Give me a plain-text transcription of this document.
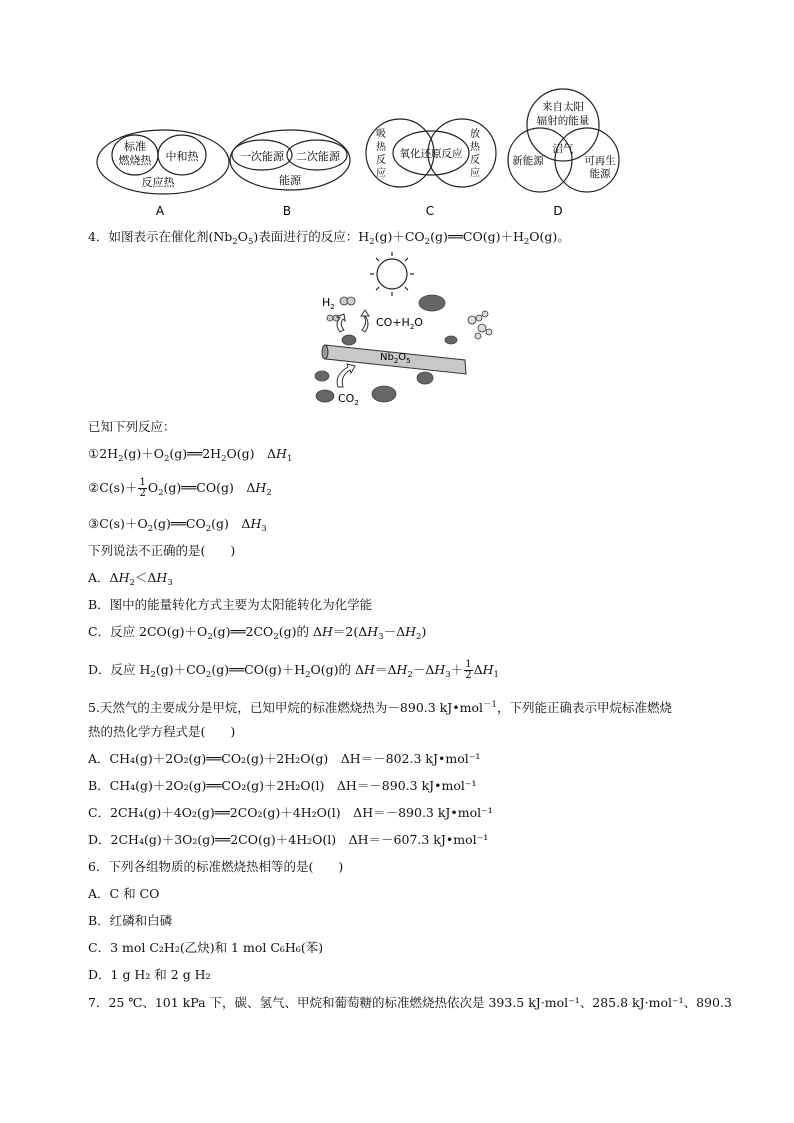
标准
燃烧热 中和热
反应热
A
一次能源 二次能源
能源
B
吸
热
反
应
氧化还原反应
放
热
反
应
C
来自太阳
辐射的能量
新能源
沼气
可再生
能源
D
4．如图表示在催化剂$(Nb_2O_5)$表面进行的反应：$H_2(g)+CO_2(g)══CO(g)+H_2O(g)$。
$Nb_2O_5$
$H_2$
$CO+H_2O$
$CO_2$
已知下列反应：
$①2H_2(g)+O_2(g)══2H_2O(g)$　$\Delta H_1$
②C(s)＋ $\frac{1}{2}$ $O_2(g)══CO(g)$　$\Delta H_2$
$③C(s)+O_2(g)══CO_2(g)$　$\Delta H_3$
下列说法不正确的是(　　)
A．$\Delta H_2<\Delta H_3$
B．图中的能量转化方式主要为太阳能转化为化学能
C．反应 $2CO(g)+O_2(g)══2CO_2(g)$的 $\Delta H=2(\Delta H_3-\Delta H_2)$
D．反应 $H_2(g)+CO_2(g)══CO(g)+H_2O(g)$的 $\Delta H=\Delta H_2-\Delta H_3+ \frac{1}{2} \Delta H_1$
5.天然气的主要成分是甲烷，已知甲烷的标准燃烧热为－890.3 kJ•mol$^{-1}$，下列能正确表示甲烷标准燃烧
热的热化学方程式是(　　)
A．CH₄(g)＋2O₂(g)══CO₂(g)＋2H₂O(g)　ΔH＝－802.3 kJ•mol⁻¹
B．CH₄(g)＋2O₂(g)══CO₂(g)＋2H₂O(l)　ΔH＝－890.3 kJ•mol⁻¹
C．2CH₄(g)＋4O₂(g)══2CO₂(g)＋4H₂O(l)　ΔH＝－890.3 kJ•mol⁻¹
D．2CH₄(g)＋3O₂(g)══2CO(g)＋4H₂O(l)　ΔH＝－607.3 kJ•mol⁻¹
6．下列各组物质的标准燃烧热相等的是(　　)
A．C 和 CO
B．红磷和白磷
C．3 mol C₂H₂(乙炔)和 1 mol C₆H₆(苯)
D．1 g H₂ 和 2 g H₂
7．25 ℃、101 kPa 下，碳、氢气、甲烷和葡萄糖的标准燃烧热依次是 393.5 kJ·mol⁻¹、285.8 kJ·mol⁻¹、890.3
